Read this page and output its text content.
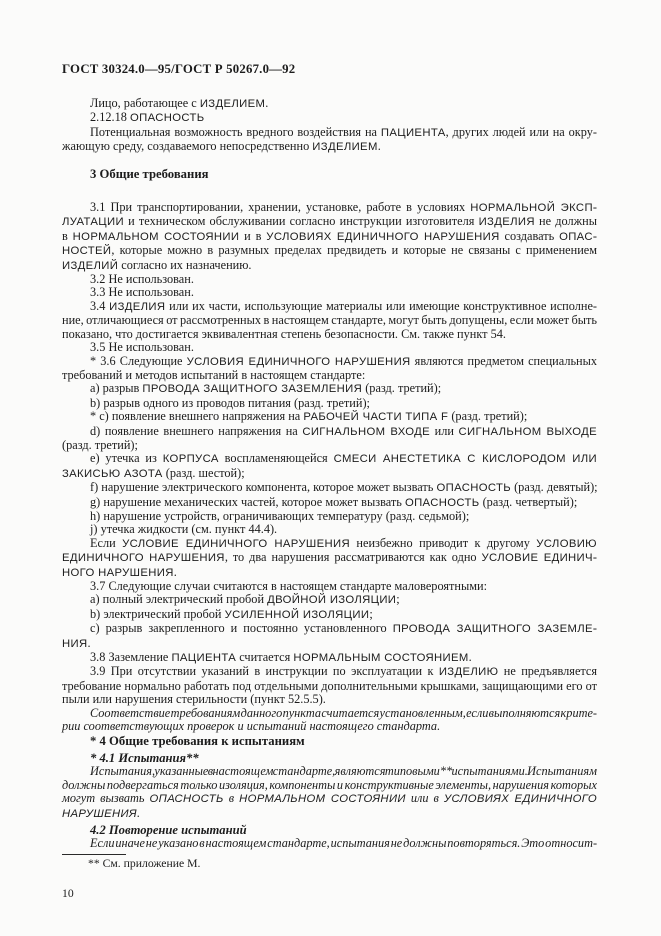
ГОСТ 30324.0—95/ГОСТ Р 50267.0—92
Лицо, работающее с ИЗДЕЛИЕМ.
2.12.18 ОПАСНОСТЬ
Потенциальная возможность вредного воздействия на ПАЦИЕНТА, других людей или на окру-
жающую среду, создаваемого непосредственно ИЗДЕЛИЕМ.
3 Общие требования
3.1 При транспортировании, хранении, установке, работе в условиях НОРМАЛЬНОЙ ЭКСП-
ЛУАТАЦИИ и техническом обслуживании согласно инструкции изготовителя ИЗДЕЛИЯ не должны
в НОРМАЛЬНОМ СОСТОЯНИИ и в УСЛОВИЯХ ЕДИНИЧНОГО НАРУШЕНИЯ создавать ОПАС-
НОСТЕЙ, которые можно в разумных пределах предвидеть и которые не связаны с применением
ИЗДЕЛИЙ согласно их назначению.
3.2 Не использован.
3.3 Не использован.
3.4 ИЗДЕЛИЯ или их части, использующие материалы или имеющие конструктивное исполне-
ние, отличающиеся от рассмотренных в настоящем стандарте, могут быть допущены, если может быть
показано, что достигается эквивалентная степень безопасности. См. также пункт 54.
3.5 Не использован.
* 3.6 Следующие УСЛОВИЯ ЕДИНИЧНОГО НАРУШЕНИЯ являются предметом специальных
требований и методов испытаний в настоящем стандарте:
а) разрыв ПРОВОДА ЗАЩИТНОГО ЗАЗЕМЛЕНИЯ (разд. третий);
b) разрыв одного из проводов питания (разд. третий);
* с) появление внешнего напряжения на РАБОЧЕЙ ЧАСТИ ТИПА F (разд. третий);
d) появление внешнего напряжения на СИГНАЛЬНОМ ВХОДЕ или СИГНАЛЬНОМ ВЫХОДЕ
(разд. третий);
е) утечка из КОРПУСА воспламеняющейся СМЕСИ АНЕСТЕТИКА С КИСЛОРОДОМ ИЛИ
ЗАКИСЬЮ АЗОТА (разд. шестой);
f) нарушение электрического компонента, которое может вызвать ОПАСНОСТЬ (разд. девятый);
g) нарушение механических частей, которое может вызвать ОПАСНОСТЬ (разд. четвертый);
h) нарушение устройств, ограничивающих температуру (разд. седьмой);
j) утечка жидкости (см. пункт 44.4).
Если УСЛОВИЕ ЕДИНИЧНОГО НАРУШЕНИЯ неизбежно приводит к другому УСЛОВИЮ
ЕДИНИЧНОГО НАРУШЕНИЯ, то два нарушения рассматриваются как одно УСЛОВИЕ ЕДИНИЧ-
НОГО НАРУШЕНИЯ.
3.7 Следующие случаи считаются в настоящем стандарте маловероятными:
а) полный электрический пробой ДВОЙНОЙ ИЗОЛЯЦИИ;
b) электрический пробой УСИЛЕННОЙ ИЗОЛЯЦИИ;
с) разрыв закрепленного и постоянно установленного ПРОВОДА ЗАЩИТНОГО ЗАЗЕМЛЕ-
НИЯ.
3.8 Заземление ПАЦИЕНТА считается НОРМАЛЬНЫМ СОСТОЯНИЕМ.
3.9 При отсутствии указаний в инструкции по эксплуатации к ИЗДЕЛИЮ не предъявляется
требование нормально работать под отдельными дополнительными крышками, защищающими его от
пыли или нарушения стерильности (пункт 52.5.5).
Соответствие требованиям данного пункта считается установленным, если выполняются крите-
рии соответствующих проверок и испытаний настоящего стандарта.
* 4 Общие требования к испытаниям
* 4.1 Испытания**
Испытания, указанные в настоящем стандарте, являются типовыми** испытаниями. Испытаниям
должны подвергаться только изоляция, компоненты и конструктивные элементы, нарушения которых
могут вызвать ОПАСНОСТЬ в НОРМАЛЬНОМ СОСТОЯНИИ или в УСЛОВИЯХ ЕДИНИЧНОГО
НАРУШЕНИЯ.
4.2 Повторение испытаний
Если иначе не указано в настоящем стандарте, испытания не должны повторяться. Это относит-
** См. приложение М.
10
